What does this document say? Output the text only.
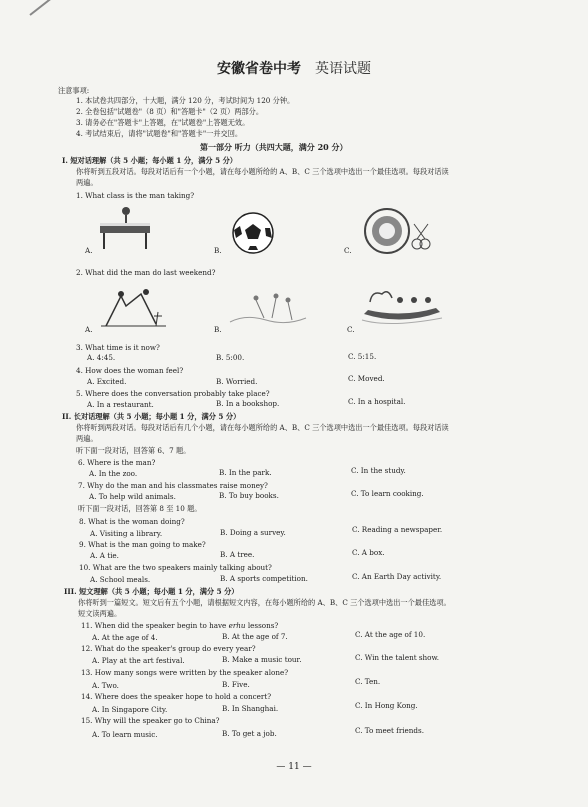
安徽省卷中考 英语试题
注意事项:
1. 本试卷共四部分，十大题，满分 120 分，考试时间为 120 分钟。
2. 全卷包括"试题卷"（8 页）和"答题卡"（2 页）两部分。
3. 请务必在"答题卡"上答题，在"试题卷"上答题无效。
4. 考试结束后，请将"试题卷"和"答题卡"一并交回。
第一部分 听力（共四大题，满分 20 分）
I. 短对话理解（共 5 小题；每小题 1 分，满分 5 分）
你将听到五段对话。每段对话后有一个小题，请在每小题所给的 A、B、C 三个选项中选出一个最佳选项。每段对话读
两遍。
1. What class is the man taking?
A.	B.	C.
2. What did the man do last weekend?
A.	B.	C.
3. What time is it now?
A. 4:45.	B. 5:00.	C. 5:15.
4. How does the woman feel?
A. Excited.	B. Worried.	C. Moved.
5. Where does the conversation probably take place?
A. In a restaurant.	B. In a bookshop.	C. In a hospital.
II. 长对话理解（共 5 小题；每小题 1 分，满分 5 分）
你将听到两段对话。每段对话后有几个小题，请在每小题所给的 A、B、C 三个选项中选出一个最佳选项。每段对话读
两遍。
听下面一段对话，回答第 6、7 题。
6. Where is the man?
A. In the zoo.	B. In the park.	C. In the study.
7. Why do the man and his classmates raise money?
A. To help wild animals.	B. To buy books.	C. To learn cooking.
听下面一段对话，回答第 8 至 10 题。
8. What is the woman doing?
A. Visiting a library.	B. Doing a survey.	C. Reading a newspaper.
9. What is the man going to make?
A. A tie.	B. A tree.	C. A box.
10. What are the two speakers mainly talking about?
A. School meals.	B. A sports competition.	C. An Earth Day activity.
III. 短文理解（共 5 小题；每小题 1 分，满分 5 分）
你将听到一篇短文。短文后有五个小题，请根据短文内容，在每小题所给的 A、B、C 三个选项中选出一个最佳选项。
短文读两遍。
11. When did the speaker begin to have erhu lessons?
A. At the age of 4.	B. At the age of 7.	C. At the age of 10.
12. What do the speaker's group do every year?
A. Play at the art festival.	B. Make a music tour.	C. Win the talent show.
13. How many songs were written by the speaker alone?
A. Two.	B. Five.	C. Ten.
14. Where does the speaker hope to hold a concert?
A. In Singapore City.	B. In Shanghai.	C. In Hong Kong.
15. Why will the speaker go to China?
A. To learn music.	B. To get a job.	C. To meet friends.
— 11 —
